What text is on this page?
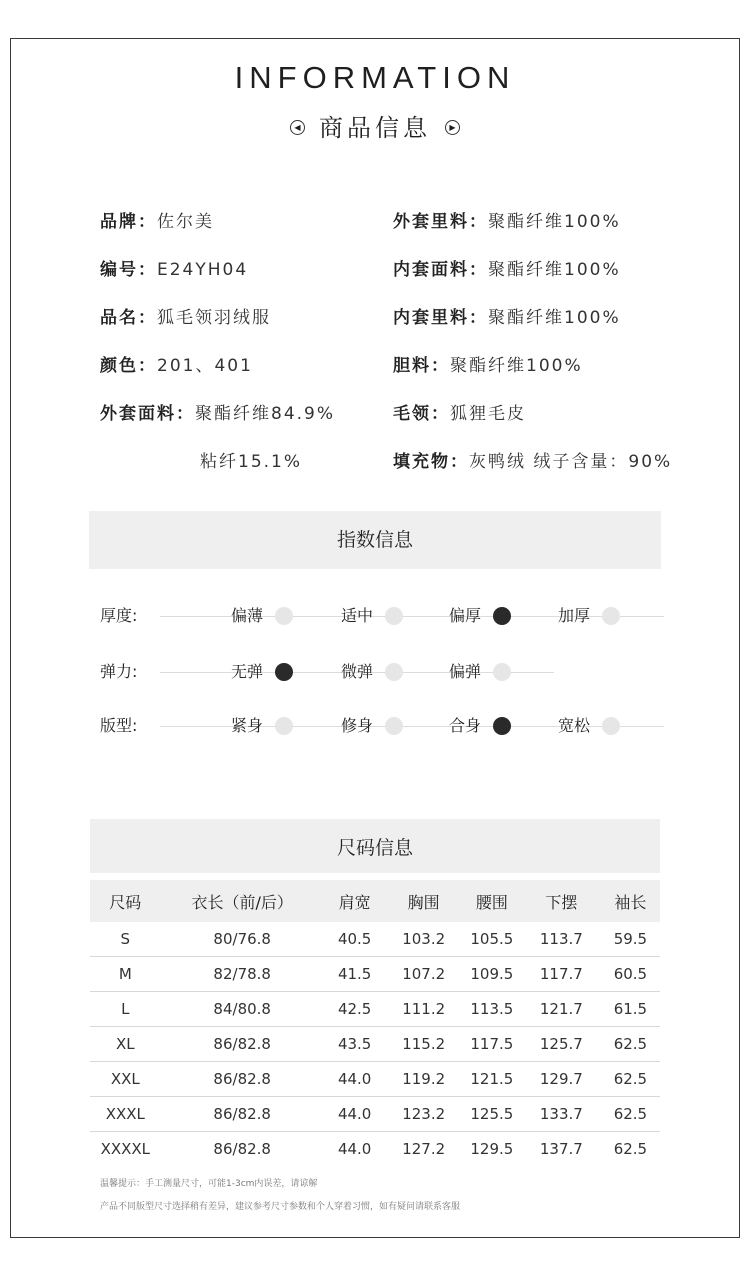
INFORMATION
◀ 商品信息 ▶
品牌：佐尔美
编号：E24YH04
品名：狐毛领羽绒服
颜色：201、401
外套面料：聚酯纤维84.9%
粘纤15.1%
外套里料：聚酯纤维100%
内套面料：聚酯纤维100%
内套里料：聚酯纤维100%
胆料：聚酯纤维100%
毛领：狐狸毛皮
填充物：灰鸭绒 绒子含量：90%
指数信息
厚度:	偏薄	适中	偏厚	加厚
弹力:	无弹	微弹	偏弹
版型:	紧身	修身	合身	宽松
尺码信息
尺码	衣长（前/后）	肩宽	胸围	腰围	下摆	袖长
S	80/76.8	40.5	103.2	105.5	113.7	59.5
M	82/78.8	41.5	107.2	109.5	117.7	60.5
L	84/80.8	42.5	111.2	113.5	121.7	61.5
XL	86/82.8	43.5	115.2	117.5	125.7	62.5
XXL	86/82.8	44.0	119.2	121.5	129.7	62.5
XXXL	86/82.8	44.0	123.2	125.5	133.7	62.5
XXXXL	86/82.8	44.0	127.2	129.5	137.7	62.5
温馨提示：手工测量尺寸，可能1-3cm内误差，请谅解
产品不同版型尺寸选择稍有差异，建议参考尺寸参数和个人穿着习惯，如有疑问请联系客服
